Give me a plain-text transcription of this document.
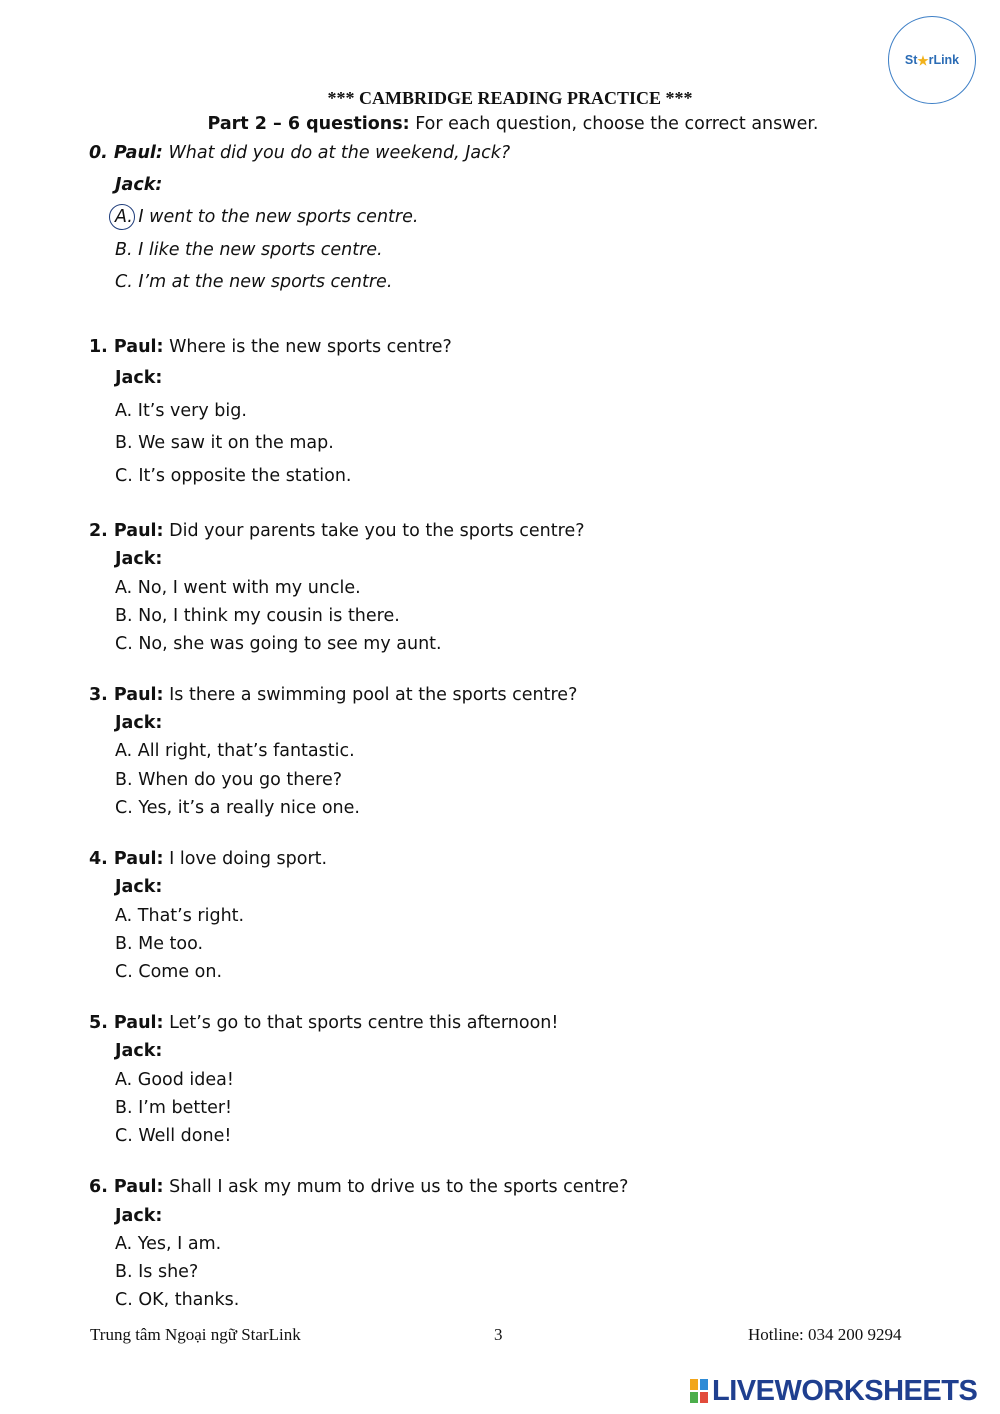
St ★ rLink
*** CAMBRIDGE READING PRACTICE ***
Part 2 – 6 questions: For each question, choose the correct answer.
0. Paul: What did you do at the weekend, Jack?
Jack:
A. I went to the new sports centre.
B. I like the new sports centre.
C. I’m at the new sports centre.
1. Paul: Where is the new sports centre?
Jack:
A. It’s very big.
B. We saw it on the map.
C. It’s opposite the station.
2. Paul: Did your parents take you to the sports centre?
Jack:
A. No, I went with my uncle.
B. No, I think my cousin is there.
C. No, she was going to see my aunt.
3. Paul: Is there a swimming pool at the sports centre?
Jack:
A. All right, that’s fantastic.
B. When do you go there?
C. Yes, it’s a really nice one.
4. Paul: I love doing sport.
Jack:
A. That’s right.
B. Me too.
C. Come on.
5. Paul: Let’s go to that sports centre this afternoon!
Jack:
A. Good idea!
B. I’m better!
C. Well done!
6. Paul: Shall I ask my mum to drive us to the sports centre?
Jack:
A. Yes, I am.
B. Is she?
C. OK, thanks.
Trung tâm Ngoại ngữ StarLink	3	Hotline: 034 200 9294
LIVEWORKSHEETS
